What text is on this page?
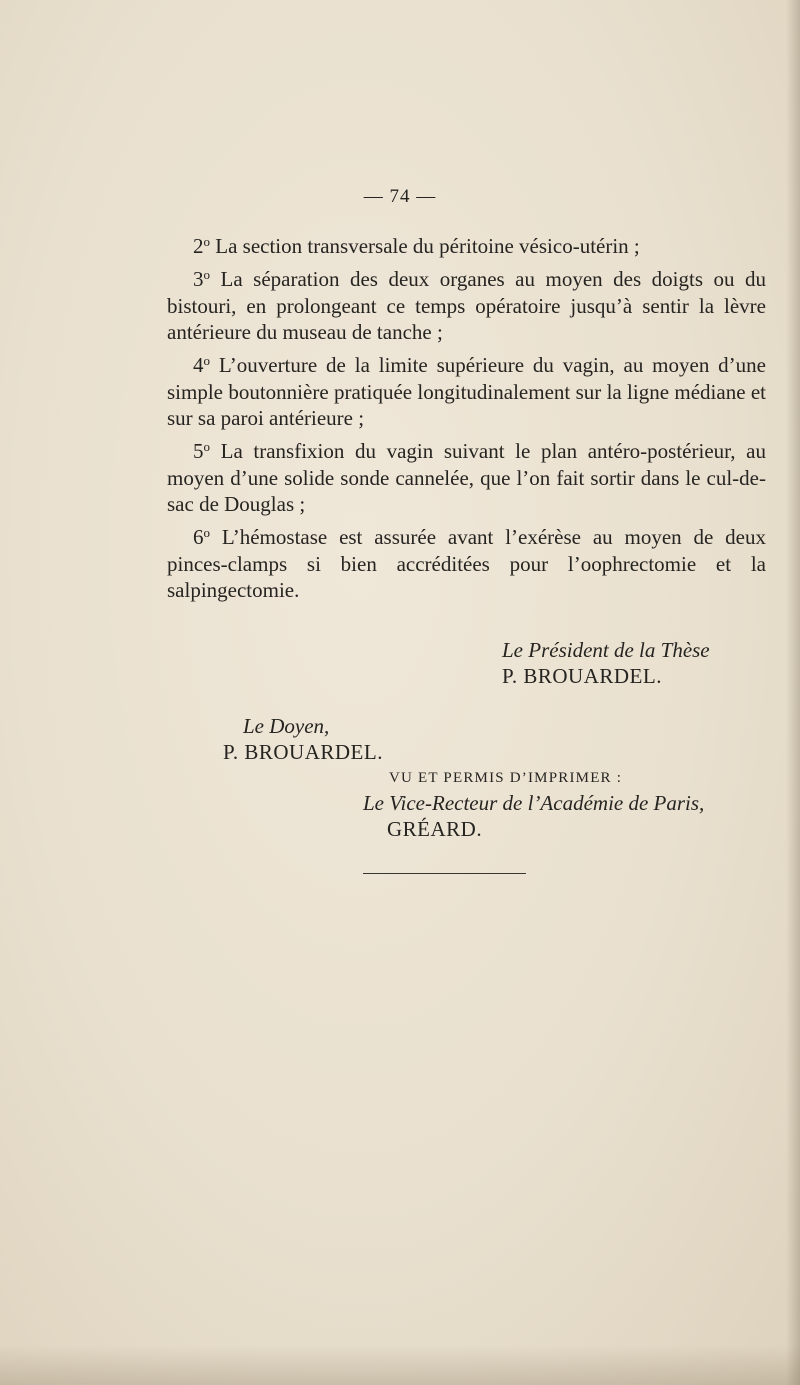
— 74 —

2$^o$ La section transversale du péritoine vésico-utérin ;

3$^o$ La séparation des deux organes au moyen des doigts ou du bistouri, en prolongeant ce temps opératoire jusqu’à sentir la lèvre antérieure du museau de tanche ;

4$^o$ L’ouverture de la limite supérieure du vagin, au moyen d’une simple boutonnière pratiquée longitudinalement sur la ligne médiane et sur sa paroi antérieure ;

5$^o$ La transfixion du vagin suivant le plan antéro-postérieur, au moyen d’une solide sonde cannelée, que l’on fait sortir dans le cul-de-sac de Douglas ;

6$^o$ L’hémostase est assurée avant l’exérèse au moyen de deux pinces-clamps si bien accréditées pour l’oophrectomie et la salpingectomie.

Le Président de la Thèse
P. BROUARDEL.
Le Doyen,
P. BROUARDEL.
VU ET PERMIS D’IMPRIMER :
Le Vice-Recteur de l’Académie de Paris,
GRÉARD.
